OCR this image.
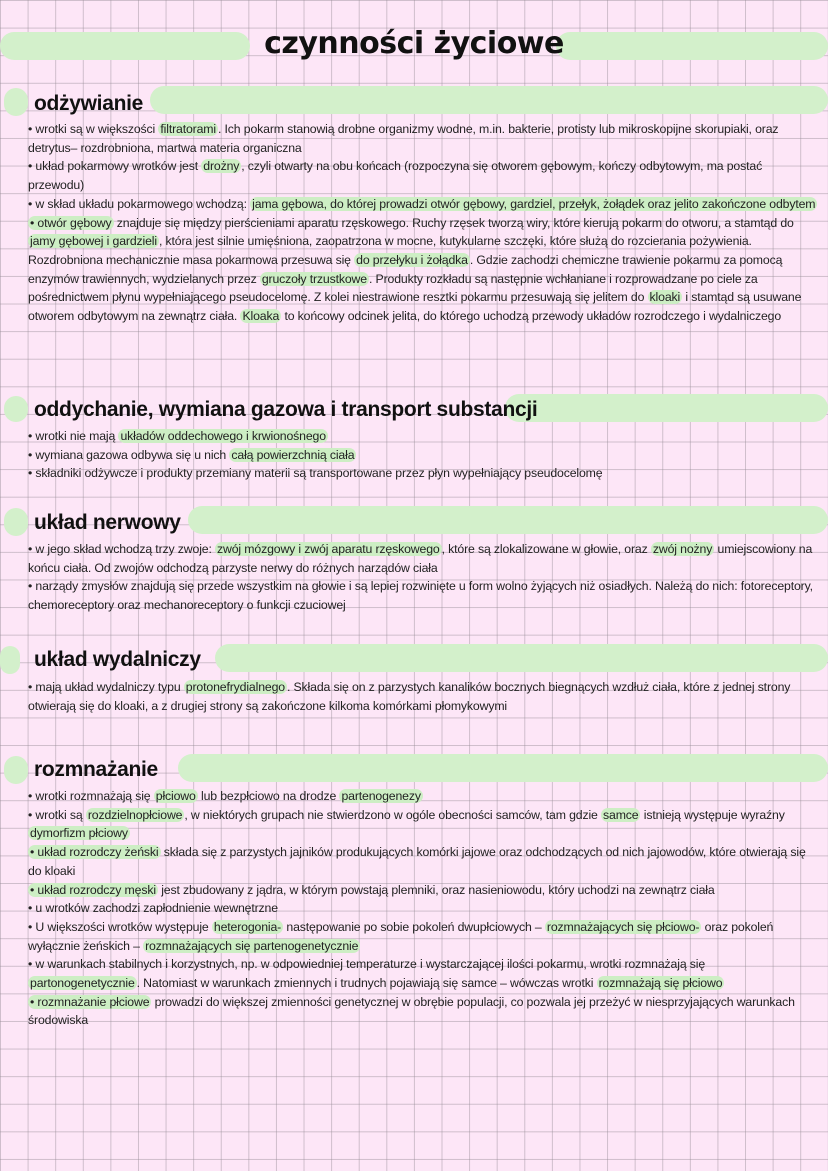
czynności życiowe
odżywianie

• wrotki są w większości filtratorami . Ich pokarm stanowią drobne organizmy wodne, m.in. bakterie, protisty lub mikroskopijne skorupiaki, oraz detrytus– rozdrobniona, martwa materia organiczna

• układ pokarmowy wrotków jest drożny , czyli otwarty na obu końcach (rozpoczyna się otworem gębowym, kończy odbytowym, ma postać przewodu)

• w skład układu pokarmowego wchodzą: jama gębowa, do której prowadzi otwór gębowy, gardziel, przełyk, żołądek oraz jelito zakończone odbytem

• otwór gębowy znajduje się między pierścieniami aparatu rzęskowego. Ruchy rzęsek tworzą wiry, które kierują pokarm do otworu, a stamtąd do jamy gębowej i gardzieli , która jest silnie umięśniona, zaopatrzona w mocne, kutykularne szczęki, które służą do rozcierania pożywienia. Rozdrobniona mechanicznie masa pokarmowa przesuwa się do przełyku i żołądka . Gdzie zachodzi chemiczne trawienie pokarmu za pomocą enzymów trawiennych, wydzielanych przez gruczoły trzustkowe . Produkty rozkładu są następnie wchłaniane i rozprowadzane po ciele za pośrednictwem płynu wypełniającego pseudocelomę. Z kolei niestrawione resztki pokarmu przesuwają się jelitem do kloaki i stamtąd są usuwane otworem odbytowym na zewnątrz ciała. Kloaka to końcowy odcinek jelita, do którego uchodzą przewody układów rozrodczego i wydalniczego

oddychanie, wymiana gazowa i transport substancji

• wrotki nie mają układów oddechowego i krwionośnego

• wymiana gazowa odbywa się u nich całą powierzchnią ciała

• składniki odżywcze i produkty przemiany materii są transportowane przez płyn wypełniający pseudocelomę

układ nerwowy

• w jego skład wchodzą trzy zwoje: zwój mózgowy i zwój aparatu rzęskowego , które są zlokalizowane w głowie, oraz zwój nożny umiejscowiony na końcu ciała. Od zwojów odchodzą parzyste nerwy do różnych narządów ciała

• narządy zmysłów znajdują się przede wszystkim na głowie i są lepiej rozwinięte u form wolno żyjących niż osiadłych. Należą do nich: fotoreceptory, chemoreceptory oraz mechanoreceptory o funkcji czuciowej

układ wydalniczy

• mają układ wydalniczy typu protonefrydialnego . Składa się on z parzystych kanalików bocznych biegnących wzdłuż ciała, które z jednej strony otwierają się do kloaki, a z drugiej strony są zakończone kilkoma komórkami płomykowymi

rozmnażanie

• wrotki rozmnażają się płciowo lub bezpłciowo na drodze partenogenezy

• wrotki są rozdzielnopłciowe , w niektórych grupach nie stwierdzono w ogóle obecności samców, tam gdzie samce istnieją występuje wyraźny dymorfizm płciowy

• układ rozrodczy żeński składa się z parzystych jajników produkujących komórki jajowe oraz odchodzących od nich jajowodów, które otwierają się do kloaki

• układ rozrodczy męski jest zbudowany z jądra, w którym powstają plemniki, oraz nasieniowodu, który uchodzi na zewnątrz ciała

• u wrotków zachodzi zapłodnienie wewnętrzne

• U większości wrotków występuje heterogonia- następowanie po sobie pokoleń dwupłciowych – rozmnażających się płciowo- oraz pokoleń wyłącznie żeńskich – rozmnażających się partenogenetycznie

• w warunkach stabilnych i korzystnych, np. w odpowiedniej temperaturze i wystarczającej ilości pokarmu, wrotki rozmnażają się partonogenetycznie . Natomiast w warunkach zmiennych i trudnych pojawiają się samce – wówczas wrotki rozmnażają się płciowo

• rozmnażanie płciowe prowadzi do większej zmienności genetycznej w obrębie populacji, co pozwala jej przeżyć w niesprzyjających warunkach środowiska
